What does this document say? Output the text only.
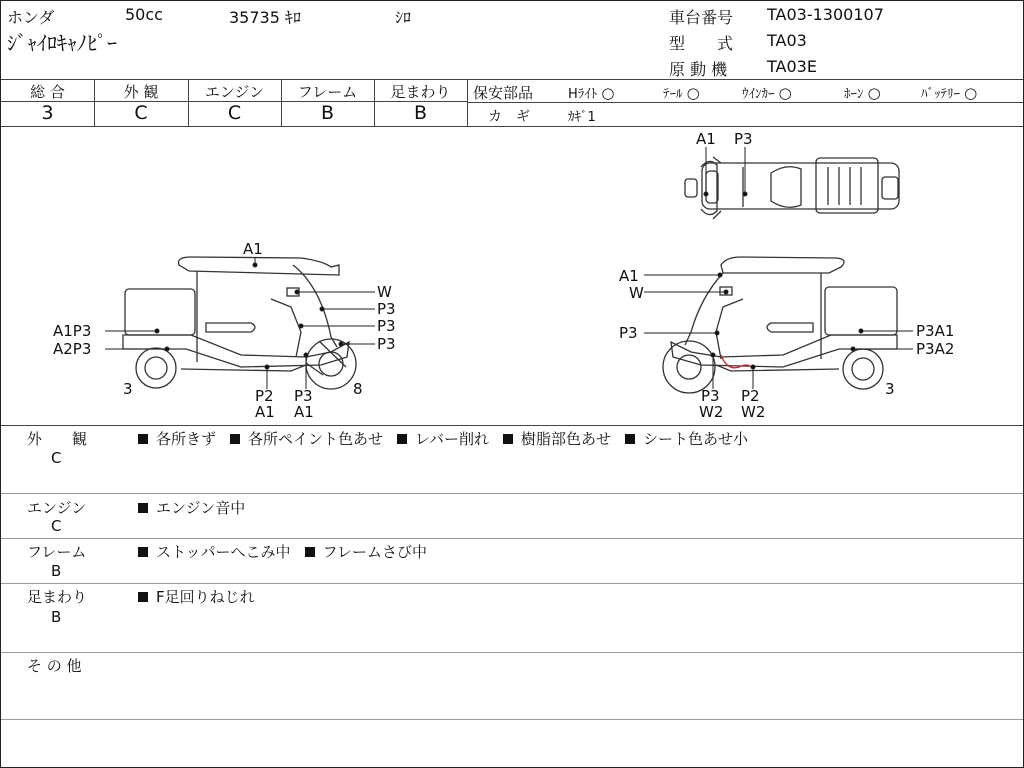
ホンダ	50cc	35735 ｷﾛ	ｼﾛ
ｼﾞｬｲﾛｷｬﾉﾋﾟｰ
車台番号 TA03-1300107
型　　式 TA03
原 動 機 TA03E
総 合
3
外 観
C
エンジン
C
フレーム
B
足まわり
B
保安部品	Hﾗｲﾄ ○	ﾃｰﾙ ○	ｳｲﾝｶｰ ○	ﾎｰﾝ ○	ﾊﾞｯﾃﾘｰ ○
カ　ギ	ｶｷﾞ1
A1 P3
A1
W
P3
P3
P3
A1P3
A2P3
3	8
P2
A1
P3
A1
A1
W
P3	P3A1
P3A2
3
P3
W2
P2
W2
外　　観
C
各所きず 各所ペイント色あせ レバー削れ 樹脂部色あせ シート色あせ小
エンジン
C
エンジン音中
フレーム
B
ストッパーへこみ中 フレームさび中
足まわり
B
F足回りねじれ
そ の 他
